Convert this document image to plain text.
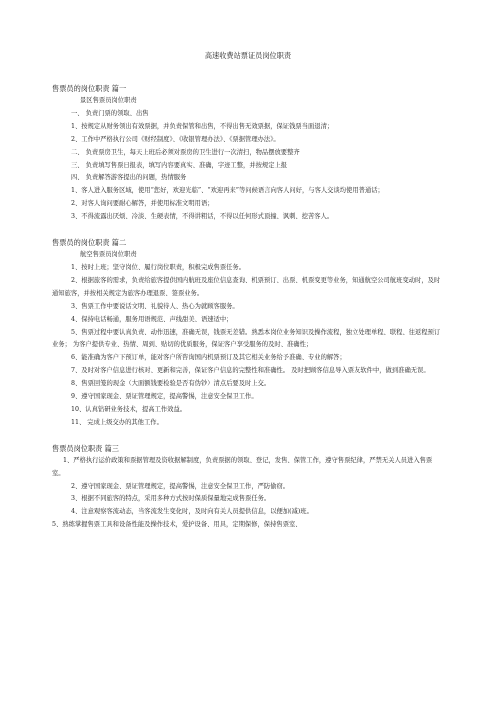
高速收费站票证员岗位职责
售票员的岗位职责 篇一
景区售票员岗位职责
一、 负责门票的领取、出售
1、按规定从财务领出有效票据，并负责保管和出售，不得出售无效票据，保证钱票当面退清；
2、工作中严格执行公司《财经制度》、《收银管理办法》、《票据管理办法》。
二、 负责票房卫生，每天上班后必须对票房的卫生进行一次清扫，物品摆放要整齐
三、 负责填写售票日报表，填写内容要真实、准确，字迹工整，并按规定上报
四、 负责解答游客提出的问题，热情服务
1、客人进入服务区域，使用“您好，欢迎光临”、“欢迎再来”等问候语言向客人问好，与客人交谈均使用普通话；
2、对客人询问要耐心解答，并使用标准文明用语；
3、不得流露出厌烦、冷淡、生硬表情，不得讲粗话，不得以任何形式顶撞、讽刺、挖苦客人。
售票员的岗位职责 篇二
航空售票员岗位职责
1、按时上班；坚守岗位、履行岗位职责，积极完成售票任务。
2、根据旅客的需求，负责给旅客提供国内航班及座位信息查询、机票预订、出票、机票变更等业务，知通航空公司航班变动时，及时通知旅客，并按相关规定为旅客办理退票、签票业务。
3、售票工作中要说话文明、礼貌待人、热心为就顾客服务。
4、保持电话畅通，服务用语规范、声线甜美、语速适中；
5、售票过程中要认真负责、动作迅速，准确无误，钱票无差错。熟悉本岗位业务知识及操作流程，独立处理单程、联程、往返程预订业务； 为客户提供专业、热情、周到、贴切的优质服务，保证客户享受服务的及时、准确性；
6、能准确为客户下预订单，能对客户所咨询国内机票预订及其它相关业务给予准确、专业的解答；
7、及时对客户信息进行核对、更新和完善，保证客户信息的完整性和准确性。 及时把顾客信息导入票友软件中，做到准确无误。
8、售票回笼的现金（大面额钱要检验是否有伪钞）清点后要及时上交。
9、遵守国家现金、票证管理规定，提高警惕，注意安全保卫工作。
10、认真钻研业务技术，提高工作效益。
11、 完成上级交办的其他工作。
售票员岗位职责 篇三
1、严格执行运价政策和票据管理及资收据解制度，负责票据的领取、登记，发售、保管工作，遵守售票纪律，严禁无关人员进入售票室。
2、遵守国家现金、票证管理规定，提高警惕，注意安全保卫工作，严防偷窃。
3、根据不同旅客的特点，采用多种方式按时保质保量地完成售票任务。
4、注意观察客流动态，当客流发生变化时，及时向有关人员提供信息，以便加(减)班。
5、熟练掌握售票工具和设备性能及操作技术，爱护设备、用具，定期保修，保持售票室、
